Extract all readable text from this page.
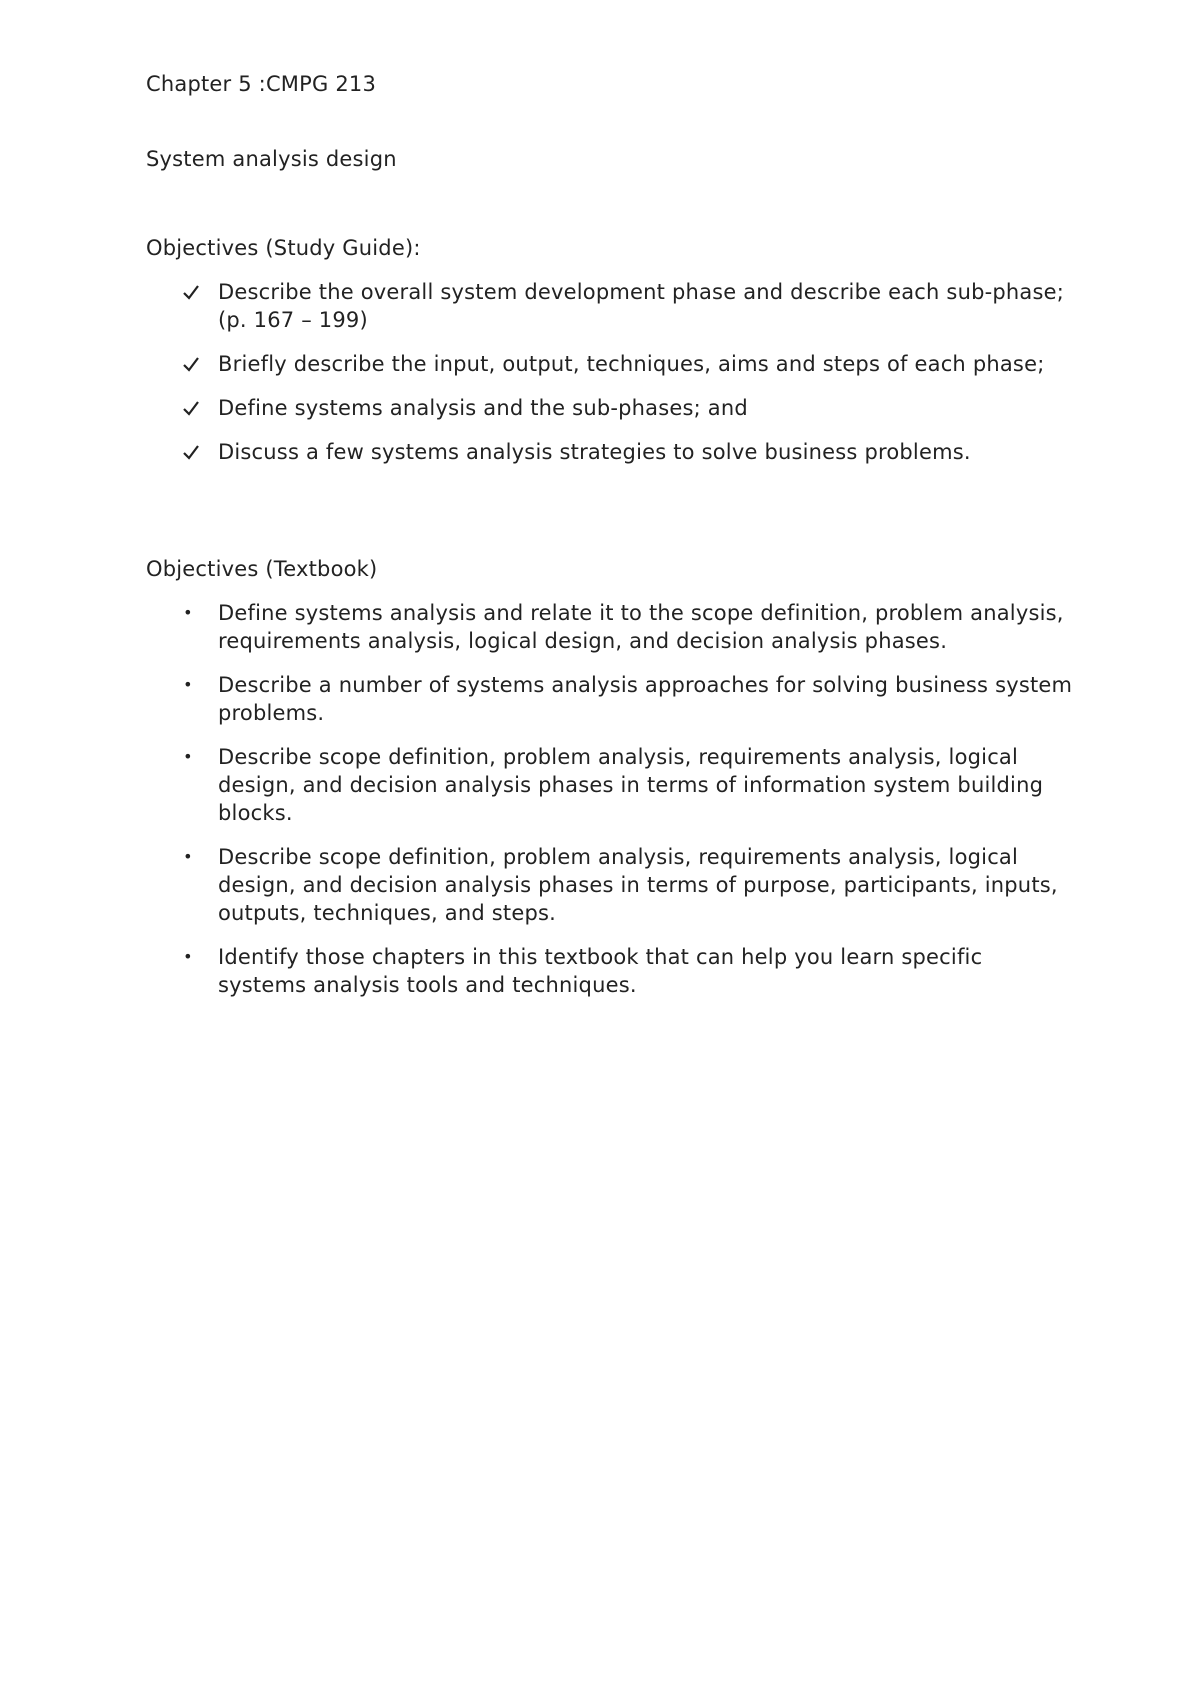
Chapter 5 :CMPG 213
System analysis design
Objectives (Study Guide):
Describe the overall system development phase and describe each sub-phase; (p. 167 – 199)
Briefly describe the input, output, techniques, aims and steps of each phase;
Define systems analysis and the sub-phases; and
Discuss a few systems analysis strategies to solve business problems.
Objectives (Textbook)
• Define systems analysis and relate it to the scope definition, problem analysis, requirements analysis, logical design, and decision analysis phases.
• Describe a number of systems analysis approaches for solving business system problems.
• Describe scope definition, problem analysis, requirements analysis, logical design, and decision analysis phases in terms of information system building blocks.
• Describe scope definition, problem analysis, requirements analysis, logical design, and decision analysis phases in terms of purpose, participants, inputs, outputs, techniques, and steps.
• Identify those chapters in this textbook that can help you learn specific systems analysis tools and techniques.
